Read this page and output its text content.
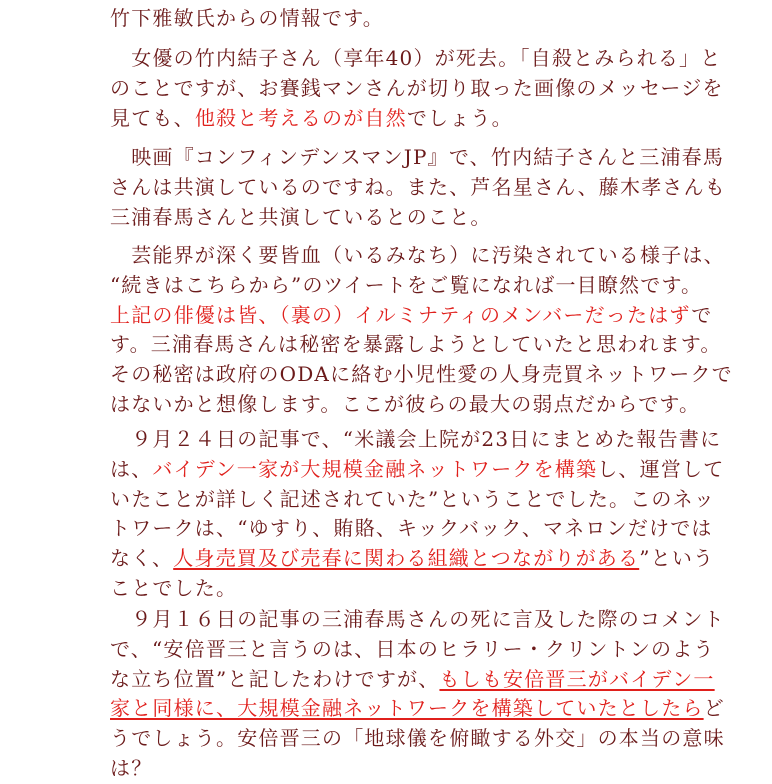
竹下雅敏氏からの情報です。

　女優の竹内結子さん（享年40）が死去。「自殺とみられる」と
のことですが、お賽銭マンさんが切り取った画像のメッセージを
見ても、他殺と考えるのが自然でしょう。

　映画『コンフィンデンスマンJP』で、竹内結子さんと三浦春馬
さんは共演しているのですね。また、芦名星さん、藤木孝さんも
三浦春馬さんと共演しているとのこと。

　芸能界が深く要皆血（いるみなち）に汚染されている様子は、
“続きはこちらから”のツイートをご覧になれば一目瞭然です。
上記の俳優は皆、（裏の）イルミナティのメンバーだったはずで
す。三浦春馬さんは秘密を暴露しようとしていたと思われます。
その秘密は政府のODAに絡む小児性愛の人身売買ネットワークで
はないかと想像します。ここが彼らの最大の弱点だからです。

　９月２４日の記事で、“米議会上院が23日にまとめた報告書に
は、バイデン一家が大規模金融ネットワークを構築し、運営して
いたことが詳しく記述されていた”ということでした。このネッ
トワークは、“ゆすり、賄賂、キックバック、マネロンだけでは
なく、人身売買及び売春に関わる組織とつながりがある”という
ことでした。

　９月１６日の記事の三浦春馬さんの死に言及した際のコメント
で、“安倍晋三と言うのは、日本のヒラリー・クリントンのよう
な立ち位置”と記したわけですが、もしも安倍晋三がバイデン一
家と同様に、大規模金融ネットワークを構築していたとしたらど
うでしょう。安倍晋三の「地球儀を俯瞰する外交」の本当の意味
は？
